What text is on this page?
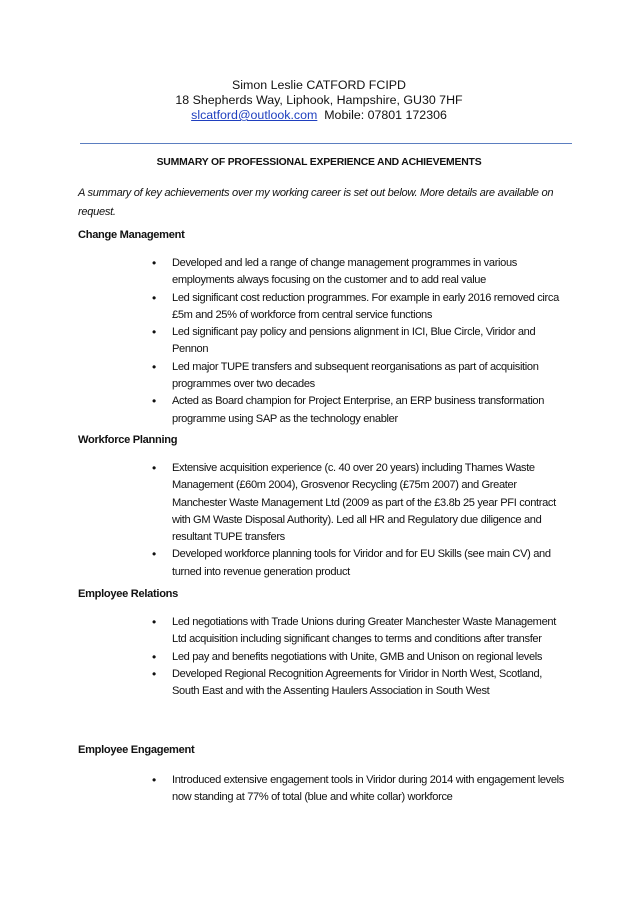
Simon Leslie CATFORD FCIPD
18 Shepherds Way, Liphook, Hampshire, GU30 7HF
slcatford@outlook.com Mobile: 07801 172306
SUMMARY OF PROFESSIONAL EXPERIENCE AND ACHIEVEMENTS
A summary of key achievements over my working career is set out below. More details are available on request.
Change Management
• Developed and led a range of change management programmes in various employments always focusing on the customer and to add real value
• Led significant cost reduction programmes. For example in early 2016 removed circa £5m and 25% of workforce from central service functions
• Led significant pay policy and pensions alignment in ICI, Blue Circle, Viridor and Pennon
• Led major TUPE transfers and subsequent reorganisations as part of acquisition programmes over two decades
• Acted as Board champion for Project Enterprise, an ERP business transformation programme using SAP as the technology enabler
Workforce Planning
• Extensive acquisition experience (c. 40 over 20 years) including Thames Waste Management (£60m 2004), Grosvenor Recycling (£75m 2007) and Greater Manchester Waste Management Ltd (2009 as part of the £3.8b 25 year PFI contract with GM Waste Disposal Authority). Led all HR and Regulatory due diligence and resultant TUPE transfers
• Developed workforce planning tools for Viridor and for EU Skills (see main CV) and turned into revenue generation product
Employee Relations
• Led negotiations with Trade Unions during Greater Manchester Waste Management Ltd acquisition including significant changes to terms and conditions after transfer
• Led pay and benefits negotiations with Unite, GMB and Unison on regional levels
• Developed Regional Recognition Agreements for Viridor in North West, Scotland, South East and with the Assenting Haulers Association in South West
Employee Engagement
• Introduced extensive engagement tools in Viridor during 2014 with engagement levels now standing at 77% of total (blue and white collar) workforce
